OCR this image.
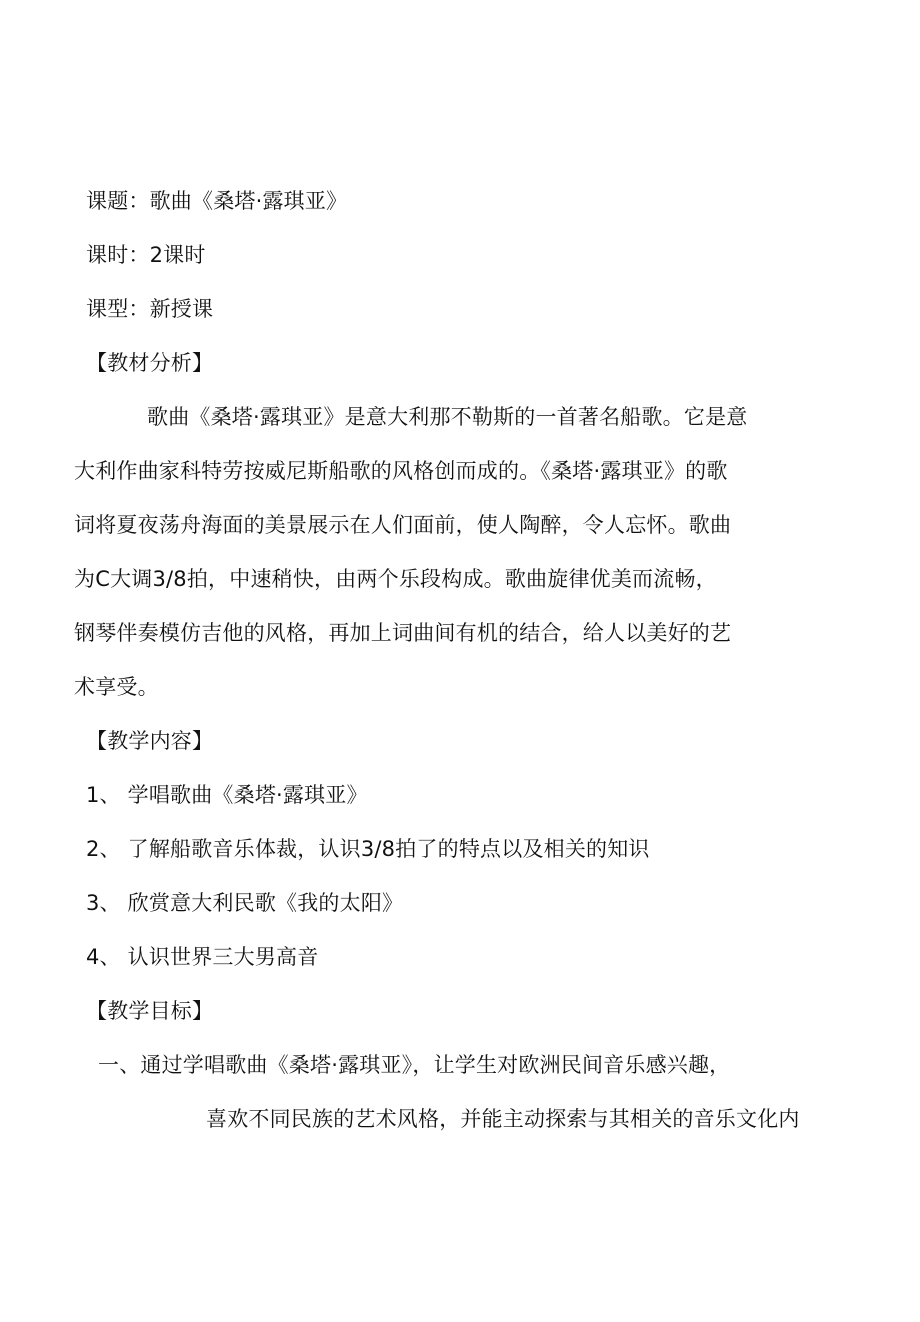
课题：歌曲《桑塔·露琪亚》
课时：2课时
课型：新授课
【教材分析】
歌曲《桑塔·露琪亚》是意大利那不勒斯的一首著名船歌。它是意
大利作曲家科特劳按威尼斯船歌的风格创而成的。《桑塔·露琪亚》的歌
词将夏夜荡舟海面的美景展示在人们面前，使人陶醉，令人忘怀。歌曲
为C大调3/8拍，中速稍快，由两个乐段构成。歌曲旋律优美而流畅，
钢琴伴奏模仿吉他的风格，再加上词曲间有机的结合，给人以美好的艺
术享受。
【教学内容】
1、 学唱歌曲《桑塔·露琪亚》
2、 了解船歌音乐体裁，认识3/8拍了的特点以及相关的知识
3、 欣赏意大利民歌《我的太阳》
4、 认识世界三大男高音
【教学目标】
一、通过学唱歌曲《桑塔·露琪亚》，让学生对欧洲民间音乐感兴趣，
喜欢不同民族的艺术风格，并能主动探索与其相关的音乐文化内
